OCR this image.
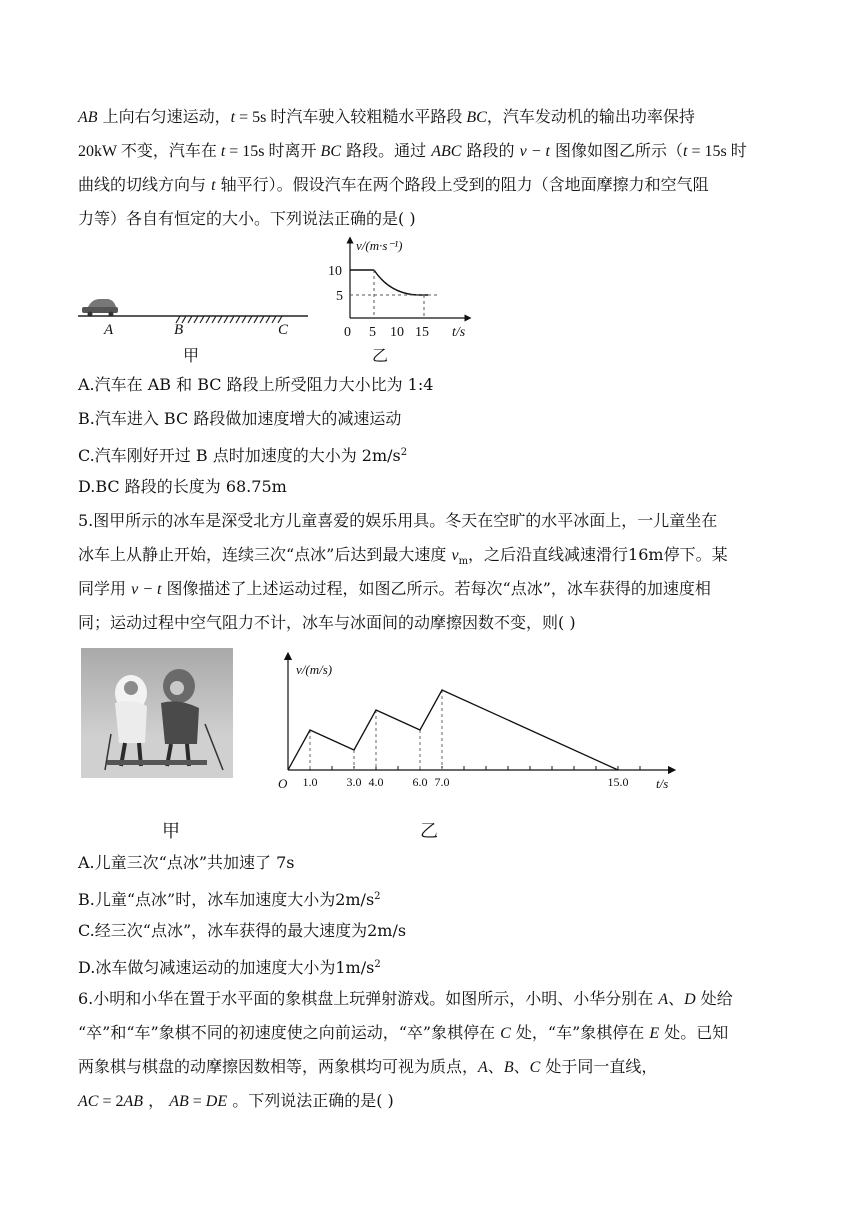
AB 上向右匀速运动，t = 5s 时汽车驶入较粗糙水平路段 BC，汽车发动机的输出功率保持
20kW 不变，汽车在 t = 15s 时离开 BC 路段。通过 ABC 路段的 v − t 图像如图乙所示（t = 15s 时
曲线的切线方向与 t 轴平行）。假设汽车在两个路段上受到的阻力（含地面摩擦力和空气阻
力等）各自有恒定的大小。下列说法正确的是( )
A	B	C
甲
v/(m·s⁻¹)
10
5
0 5 10 15 t/s
乙
A.汽车在 AB 和 BC 路段上所受阻力大小比为 1:4
B.汽车进入 BC 路段做加速度增大的减速运动
C.汽车刚好开过 B 点时加速度的大小为 $2m/s^2$
D.BC 路段的长度为 68.75m
5.图甲所示的冰车是深受北方儿童喜爱的娱乐用具。冬天在空旷的水平冰面上，一儿童坐在
冰车上从静止开始，连续三次“点冰”后达到最大速度 $v_m$，之后沿直线减速滑行16m停下。某
同学用 v − t 图像描述了上述运动过程，如图乙所示。若每次“点冰”，冰车获得的加速度相
同；运动过程中空气阻力不计，冰车与冰面间的动摩擦因数不变，则( )
v/(m/s)
O	t/s
1.0 3.0 4.0 6.0 7.0	15.0
甲	乙
A.儿童三次“点冰”共加速了 7s
B.儿童“点冰”时，冰车加速度大小为$2m/s^2$
C.经三次“点冰”，冰车获得的最大速度为2m/s
D.冰车做匀减速运动的加速度大小为$1m/s^2$
6.小明和小华在置于水平面的象棋盘上玩弹射游戏。如图所示，小明、小华分别在 A、D 处给
“卒”和“车”象棋不同的初速度使之向前运动，“卒”象棋停在 C 处，“车”象棋停在 E 处。已知
两象棋与棋盘的动摩擦因数相等，两象棋均可视为质点，A、B、C 处于同一直线，
AC = 2AB ， AB = DE 。下列说法正确的是( )
